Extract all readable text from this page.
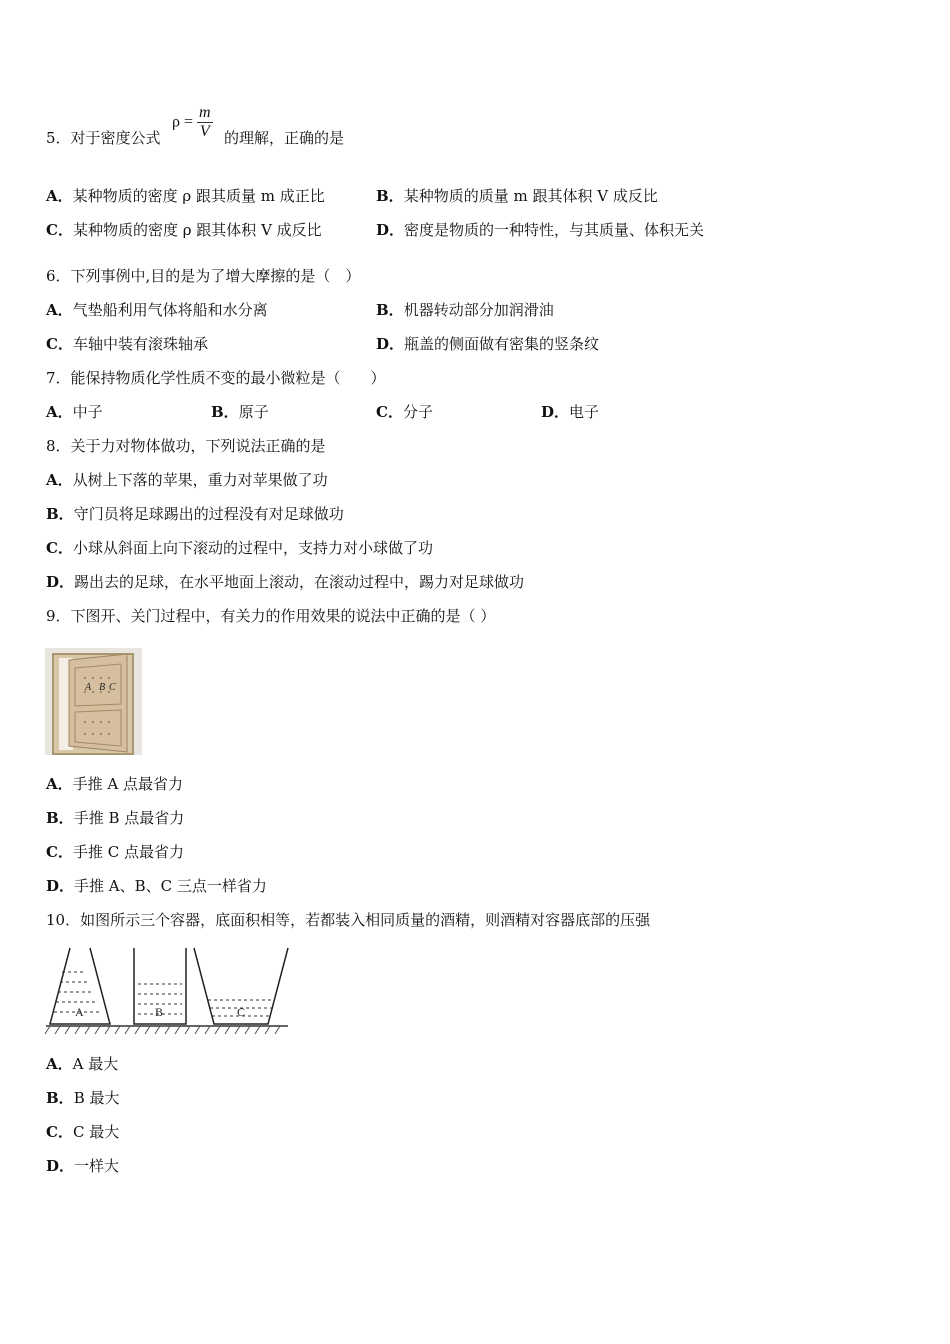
5．对于密度公式
$\rho = \frac{m}{V}$ 的理解，正确的是
A．某种物质的密度 ρ 跟其质量 m 成正比	B．某种物质的质量 m 跟其体积 V 成反比
C．某种物质的密度 ρ 跟其体积 V 成反比	D．密度是物质的一种特性，与其质量、体积无关
6．下列事例中,目的是为了增大摩擦的是（　）
A．气垫船利用气体将船和水分离	B．机器转动部分加润滑油
C．车轴中装有滚珠轴承	D．瓶盖的侧面做有密集的竖条纹
7．能保持物质化学性质不变的最小微粒是（　　）
A．中子	B．原子	C．分子	D．电子
8．关于力对物体做功，下列说法正确的是
A．从树上下落的苹果，重力对苹果做了功
B．守门员将足球踢出的过程没有对足球做功
C．小球从斜面上向下滚动的过程中，支持力对小球做了功
D．踢出去的足球，在水平地面上滚动，在滚动过程中，踢力对足球做功
9．下图开、关门过程中，有关力的作用效果的说法中正确的是（ ）
A B C
A．手推 A 点最省力
B．手推 B 点最省力
C．手推 C 点最省力
D．手推 A、B、C 三点一样省力
10．如图所示三个容器，底面积相等，若都装入相同质量的酒精，则酒精对容器底部的压强
A	B	C
A．A 最大
B．B 最大
C．C 最大
D．一样大
